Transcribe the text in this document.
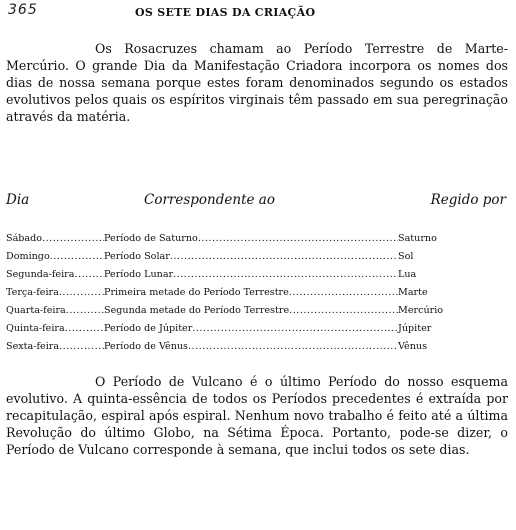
365	OS SETE DIAS DA CRIAÇÃO

Os Rosacruzes chamam ao Período Terrestre de Marte-Mercúrio. O grande Dia da Manifestação Criadora incorpora os nomes dos dias de nossa semana porque estes foram denominados segundo os estados evolutivos pelos quais os espíritos virginais têm passado em sua peregrinação através da matéria.

Dia	Correspondente ao	Regido por
Sábado .....	Período de Saturno .....	Saturno
Domingo .....	Período Solar .....	Sol
Segunda-feira .....	Período Lunar .....	Lua
Terça-feira .....	Primeira metade do Período Terrestre .....	Marte
Quarta-feira .....	Segunda metade do Período Terrestre .....	Mercúrio
Quinta-feira .....	Período de Júpiter .....	Júpiter
Sexta-feira .....	Período de Vênus .....	Vênus

O Período de Vulcano é o último Período do nosso esquema evolutivo. A quinta-essência de todos os Períodos precedentes é extraída por recapitulação, espiral após espiral. Nenhum novo trabalho é feito até a última Revolução do último Globo, na Sétima Época. Portanto, pode-se dizer, o Período de Vulcano corresponde à semana, que inclui todos os sete dias.
